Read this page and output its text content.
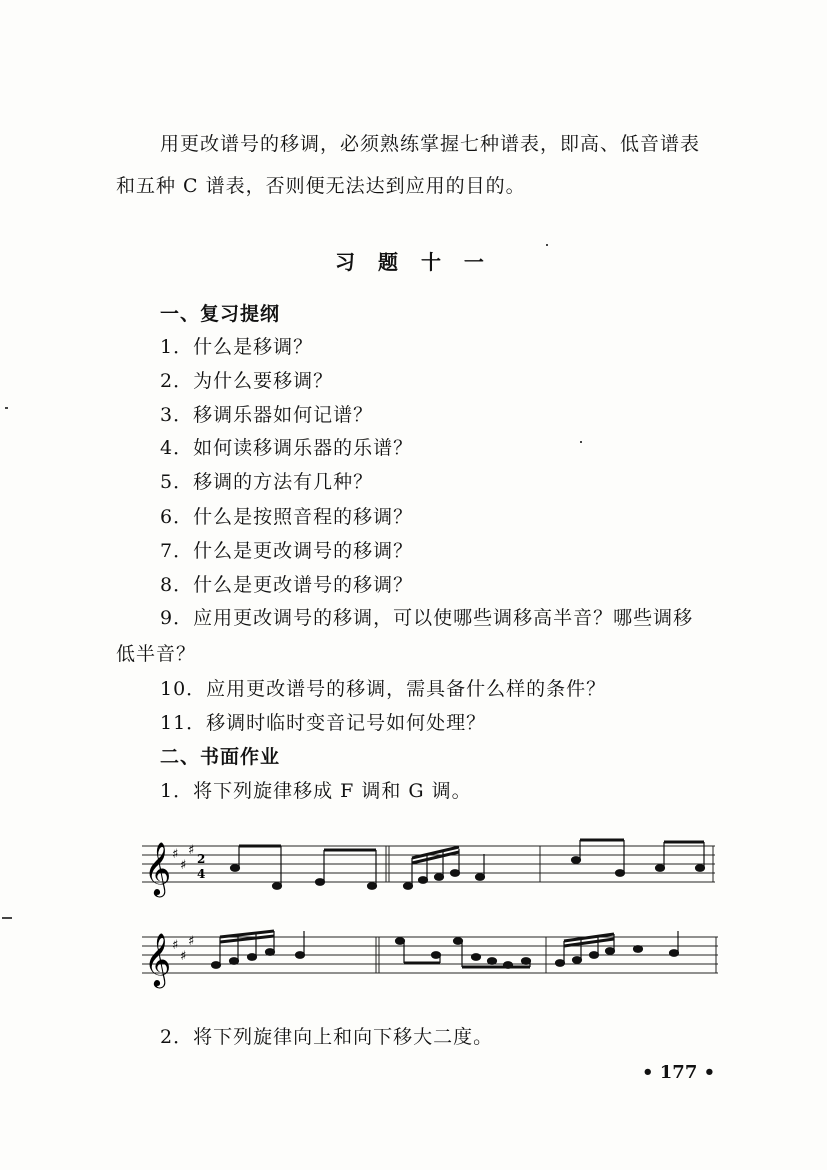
用更改谱号的移调，必须熟练掌握七种谱表，即高、低音谱表
和五种 C 谱表，否则便无法达到应用的目的。
习 题 十 一
一、复习提纲
1．什么是移调？
2．为什么要移调？
3．移调乐器如何记谱？
4．如何读移调乐器的乐谱？
5．移调的方法有几种？
6．什么是按照音程的移调？
7．什么是更改调号的移调？
8．什么是更改谱号的移调？
9．应用更改调号的移调，可以使哪些调移高半音？哪些调移
低半音？
10．应用更改谱号的移调，需具备什么样的条件？
11．移调时临时变音记号如何处理？
二、书面作业
1．将下列旋律移成 F 调和 G 调。
𝄞 ♯
♯
♯
2
4
𝄞 ♯
♯
♯
2．将下列旋律向上和向下移大二度。
• 177 •
